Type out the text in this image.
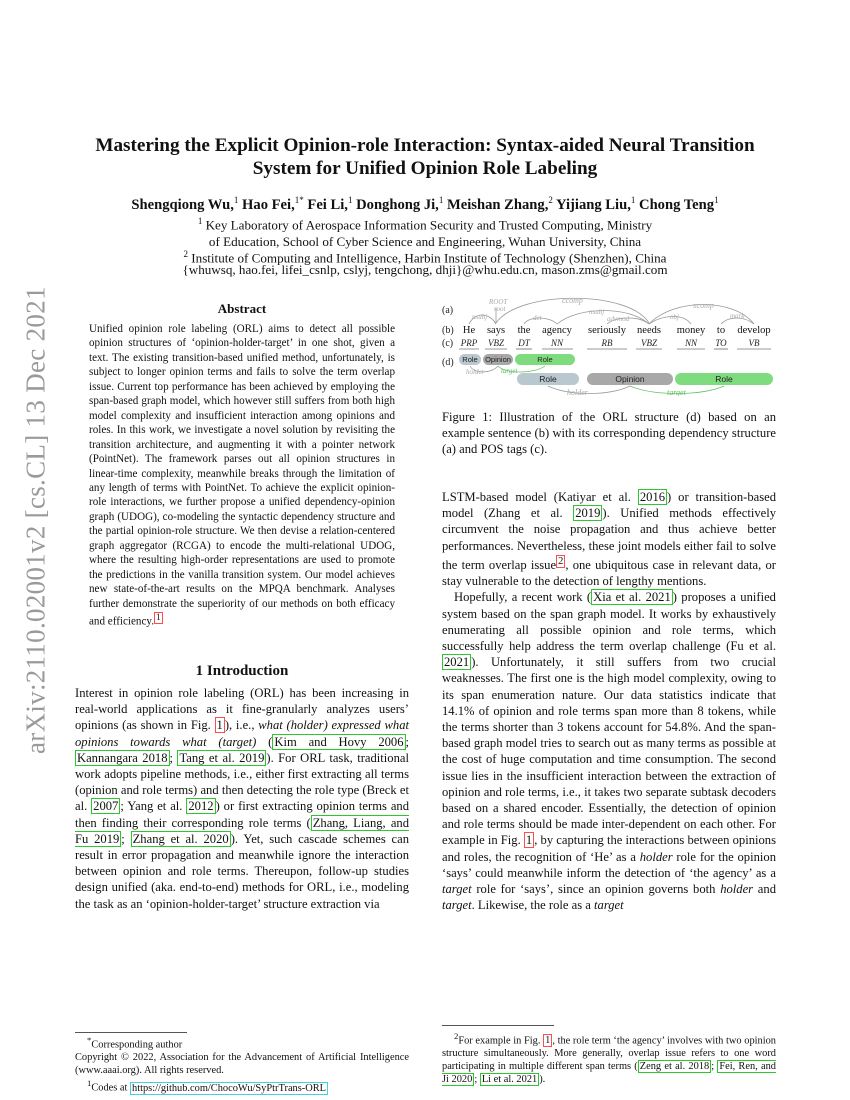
arXiv:2110.02001v2 [cs.CL] 13 Dec 2021
Mastering the Explicit Opinion-role Interaction: Syntax-aided Neural Transition System for Unified Opinion Role Labeling
Shengqiong Wu,$^1$ Hao Fei,$^{1*}$ Fei Li,$^1$ Donghong Ji,$^1$ Meishan Zhang,$^2$ Yijiang Liu,$^1$ Chong Teng$^1$
$^1$ Key Laboratory of Aerospace Information Security and Trusted Computing, Ministry
of Education, School of Cyber Science and Engineering, Wuhan University, China
$^2$ Institute of Computing and Intelligence, Harbin Institute of Technology (Shenzhen), China
{whuwsq, hao.fei, lifei_csnlp, cslyj, tengchong, dhji}@whu.edu.cn, mason.zms@gmail.com
Abstract
Unified opinion role labeling (ORL) aims to detect all possible opinion structures of ‘opinion-holder-target’ in one shot, given a text. The existing transition-based unified method, unfortunately, is subject to longer opinion terms and fails to solve the term overlap issue. Current top performance has been achieved by employing the span-based graph model, which however still suffers from both high model complexity and insufficient interaction among opinions and roles. In this work, we investigate a novel solution by revisiting the transition architecture, and augmenting it with a pointer network (PointNet). The framework parses out all opinion structures in linear-time complexity, meanwhile breaks through the limitation of any length of terms with PointNet. To achieve the explicit opinion-role interactions, we further propose a unified dependency-opinion graph (UDOG), co-modeling the syntactic dependency structure and the partial opinion-role structure. We then devise a relation-centered graph aggregator (RCGA) to encode the multi-relational UDOG, where the resulting high-order representations are used to promote the predictions in the vanilla transition system. Our model achieves new state-of-the-art results on the MPQA benchmark. Analyses further demonstrate the superiority of our methods on both efficacy and efficiency. $^1$
1 Introduction

Interest in opinion role labeling (ORL) has been increasing in real-world applications as it fine-granularly analyzes users’ opinions (as shown in Fig. 1 ), i.e., what (holder) expressed what opinions towards what (target) ( Kim and Hovy 2006 ; Kannangara 2018 ; Tang et al. 2019 ). For ORL task, traditional work adopts pipeline methods, i.e., either first extracting all terms (opinion and role terms) and then detecting the role type (Breck et al. 2007 ; Yang et al. 2012 ) or first extracting opinion terms and then finding their corresponding role terms ( Zhang, Liang, and Fu 2019 ; Zhang et al. 2020 ). Yet, such cascade schemes can result in error propagation and meanwhile ignore the interaction between opinion and role terms. Thereupon, follow-up studies design unified (aka. end-to-end) methods for ORL, i.e., modeling the task as an ‘opinion-holder-target’ structure extraction via

*Corresponding author

Copyright © 2022, Association for the Advancement of Artificial Intelligence (www.aaai.org). All rights reserved.

$^1$Codes at https://github.com/ChocoWu/SyPtrTrans-ORL

(a)
(b)
(c)
(d)
ROOT
root
nsubj
ccomp
det
nsubj
advmod	obj	mark
xcomp
He says the agency seriously needs money to develop
PRP VBZ DT NN	RB	VBZ	NN TO VB
Role Opinion	Role
holder target
Role	Opinion	Role
holder	target
Figure 1: Illustration of the ORL structure (d) based on an example sentence (b) with its corresponding dependency structure (a) and POS tags (c).

LSTM-based model (Katiyar et al. 2016 ) or transition-based model (Zhang et al. 2019 ). Unified methods effectively circumvent the noise propagation and thus achieve better performances. Nevertheless, these joint models either fail to solve the term overlap issue $^2$ , one ubiquitous case in relevant data, or stay vulnerable to the detection of lengthy mentions.

Hopefully, a recent work ( Xia et al. 2021 ) proposes a unified system based on the span graph model. It works by exhaustively enumerating all possible opinion and role terms, which successfully help address the term overlap challenge (Fu et al. 2021 ). Unfortunately, it still suffers from two crucial weaknesses. The first one is the high model complexity, owing to its span enumeration nature. Our data statistics indicate that 14.1% of opinion and role terms span more than 8 tokens, while the terms shorter than 3 tokens account for 54.8%. And the span-based graph model tries to search out as many terms as possible at the cost of huge computation and time consumption. The second issue lies in the insufficient interaction between the extraction of opinion and role terms, i.e., it takes two separate subtask decoders based on a shared encoder. Essentially, the detection of opinion and role terms should be made inter-dependent on each other. For example in Fig. 1 , by capturing the interactions between opinions and roles, the recognition of ‘He’ as a holder role for the opinion ‘says’ could meanwhile inform the detection of ‘the agency’ as a target role for ‘says’, since an opinion governs both holder and target. Likewise, the role as a target

$^2$For example in Fig. 1 , the role term ‘the agency’ involves with two opinion structure simultaneously. More generally, overlap issue refers to one word participating in multiple different span terms ( Zeng et al. 2018 ; Fei, Ren, and Ji 2020 ; Li et al. 2021 ).
